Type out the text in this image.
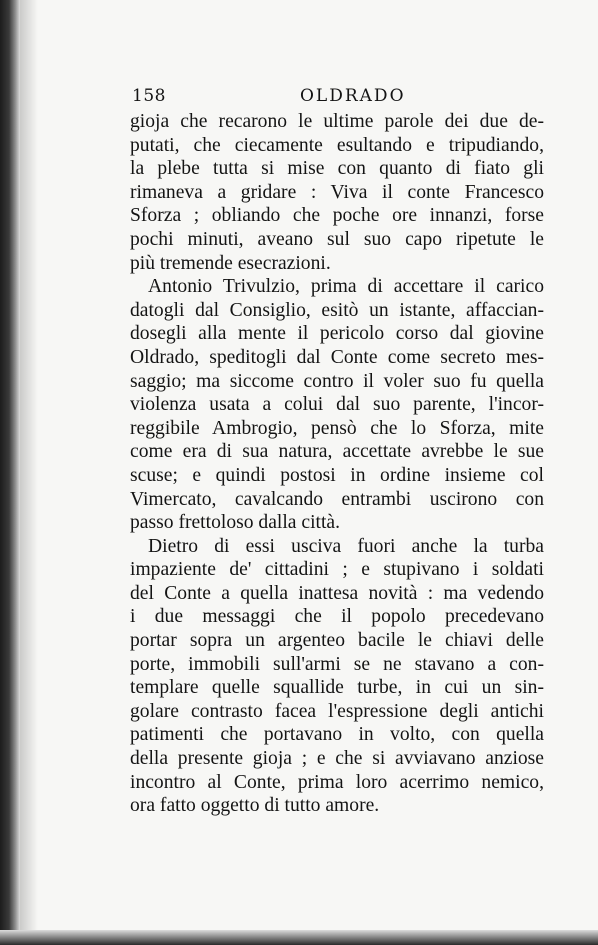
158	OLDRADO
gioja che recarono le ultime parole dei due de-
putati, che ciecamente esultando e tripudiando,
la plebe tutta si mise con quanto di fiato gli
rimaneva a gridare : Viva il conte Francesco
Sforza ; obliando che poche ore innanzi, forse
pochi minuti, aveano sul suo capo ripetute le
più tremende esecrazioni.
Antonio Trivulzio, prima di accettare il carico
datogli dal Consiglio, esitò un istante, affaccian-
dosegli alla mente il pericolo corso dal giovine
Oldrado, speditogli dal Conte come secreto mes-
saggio; ma siccome contro il voler suo fu quella
violenza usata a colui dal suo parente, l'incor-
reggibile Ambrogio, pensò che lo Sforza, mite
come era di sua natura, accettate avrebbe le sue
scuse; e quindi postosi in ordine insieme col
Vimercato, cavalcando entrambi uscirono con
passo frettoloso dalla città.
Dietro di essi usciva fuori anche la turba
impaziente de' cittadini ; e stupivano i soldati
del Conte a quella inattesa novità : ma vedendo
i due messaggi che il popolo precedevano
portar sopra un argenteo bacile le chiavi delle
porte, immobili sull'armi se ne stavano a con-
templare quelle squallide turbe, in cui un sin-
golare contrasto facea l'espressione degli antichi
patimenti che portavano in volto, con quella
della presente gioja ; e che si avviavano anziose
incontro al Conte, prima loro acerrimo nemico,
ora fatto oggetto di tutto amore.
